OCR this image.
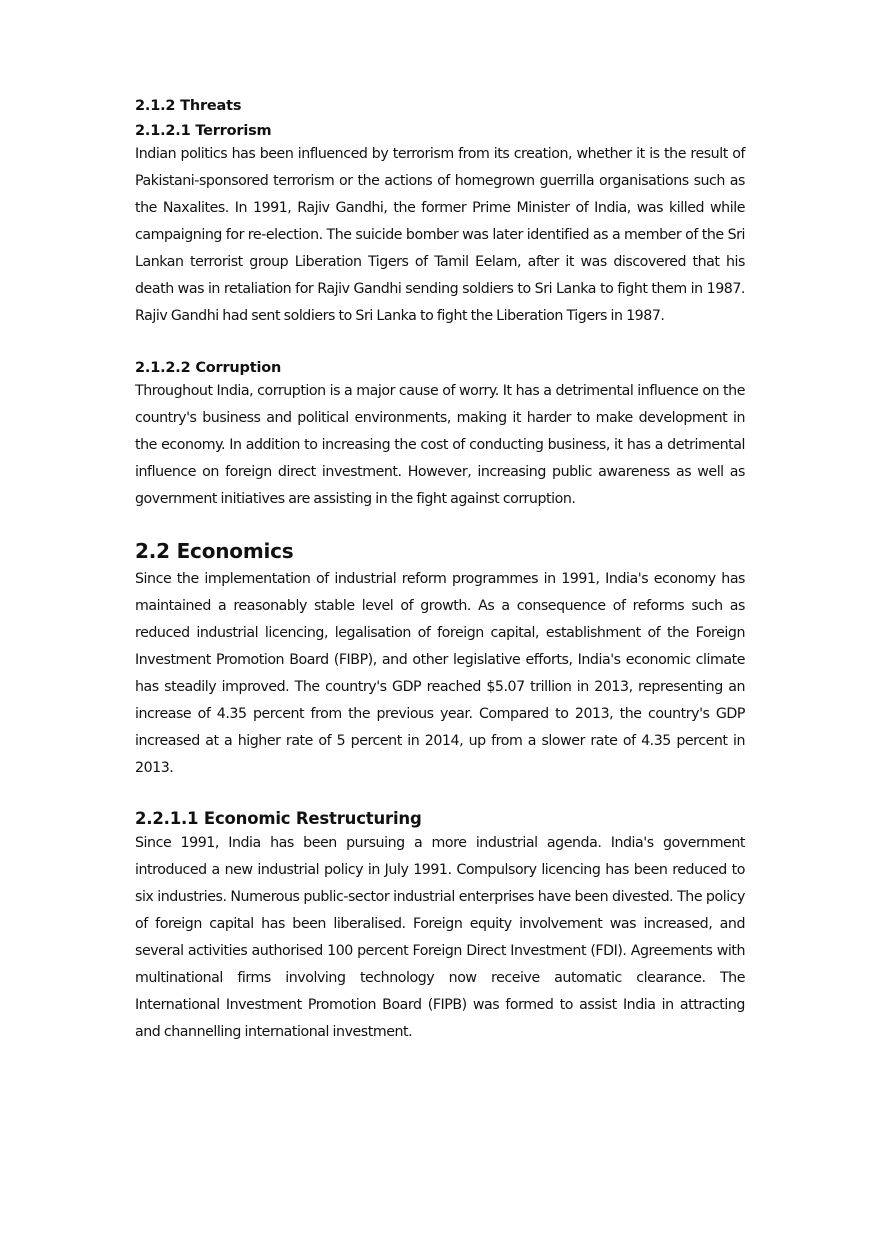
2.1.2 Threats
2.1.2.1 Terrorism

Indian politics has been influenced by terrorism from its creation, whether it is the result of Pakistani-sponsored terrorism or the actions of homegrown guerrilla organisations such as the Naxalites. In 1991, Rajiv Gandhi, the former Prime Minister of India, was killed while campaigning for re-election. The suicide bomber was later identified as a member of the Sri Lankan terrorist group Liberation Tigers of Tamil Eelam, after it was discovered that his death was in retaliation for Rajiv Gandhi sending soldiers to Sri Lanka to fight them in 1987. Rajiv Gandhi had sent soldiers to Sri Lanka to fight the Liberation Tigers in 1987.

2.1.2.2 Corruption

Throughout India, corruption is a major cause of worry. It has a detrimental influence on the country's business and political environments, making it harder to make development in the economy. In addition to increasing the cost of conducting business, it has a detrimental influence on foreign direct investment. However, increasing public awareness as well as government initiatives are assisting in the fight against corruption.

2.2 Economics

Since the implementation of industrial reform programmes in 1991, India's economy has maintained a reasonably stable level of growth. As a consequence of reforms such as reduced industrial licencing, legalisation of foreign capital, establishment of the Foreign Investment Promotion Board (FIBP), and other legislative efforts, India's economic climate has steadily improved. The country's GDP reached $5.07 trillion in 2013, representing an increase of 4.35 percent from the previous year. Compared to 2013, the country's GDP increased at a higher rate of 5 percent in 2014, up from a slower rate of 4.35 percent in 2013.

2.2.1.1 Economic Restructuring

Since 1991, India has been pursuing a more industrial agenda. India's government introduced a new industrial policy in July 1991. Compulsory licencing has been reduced to six industries. Numerous public-sector industrial enterprises have been divested. The policy of foreign capital has been liberalised. Foreign equity involvement was increased, and several activities authorised 100 percent Foreign Direct Investment (FDI). Agreements with multinational firms involving technology now receive automatic clearance. The International Investment Promotion Board (FIPB) was formed to assist India in attracting and channelling international investment.
